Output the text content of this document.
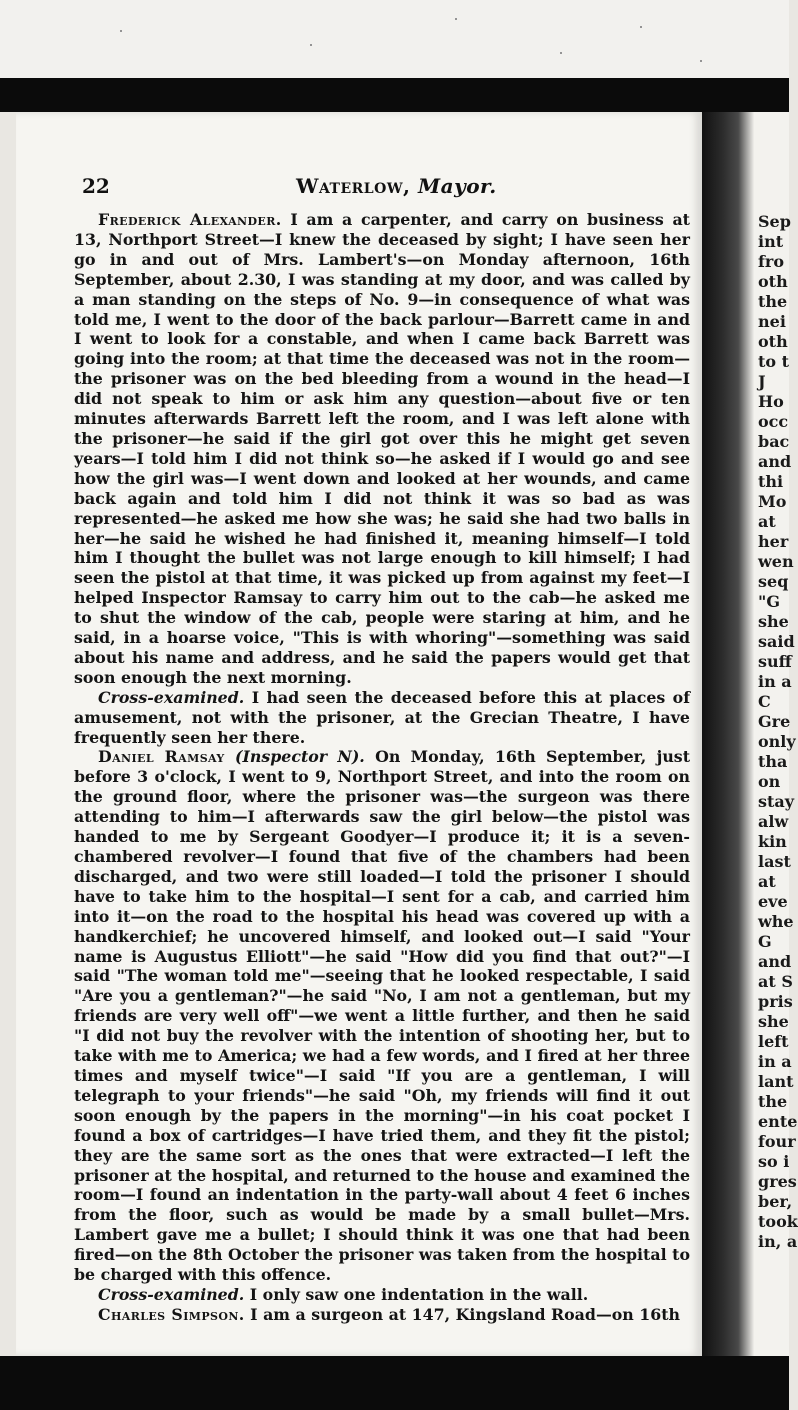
22	Waterlow, Mayor.

Frederick Alexander. I am a carpenter, and carry on business at 13, Northport Street—I knew the deceased by sight; I have seen her go in and out of Mrs. Lambert's—on Monday afternoon, 16th September, about 2.30, I was standing at my door, and was called by a man standing on the steps of No. 9—in consequence of what was told me, I went to the door of the back parlour—Barrett came in and I went to look for a constable, and when I came back Barrett was going into the room; at that time the deceased was not in the room—the prisoner was on the bed bleeding from a wound in the head—I did not speak to him or ask him any question—about five or ten minutes afterwards Barrett left the room, and I was left alone with the prisoner—he said if the girl got over this he might get seven years—I told him I did not think so—he asked if I would go and see how the girl was—I went down and looked at her wounds, and came back again and told him I did not think it was so bad as was represented—he asked me how she was; he said she had two balls in her—he said he wished he had finished it, meaning himself—I told him I thought the bullet was not large enough to kill himself; I had seen the pistol at that time, it was picked up from against my feet—I helped Inspector Ramsay to carry him out to the cab—he asked me to shut the window of the cab, people were staring at him, and he said, in a hoarse voice, "This is with whoring"—something was said about his name and address, and he said the papers would get that soon enough the next morning.

Cross-examined. I had seen the deceased before this at places of amusement, not with the prisoner, at the Grecian Theatre, I have frequently seen her there.

Daniel Ramsay (Inspector N). On Monday, 16th September, just before 3 o'clock, I went to 9, Northport Street, and into the room on the ground floor, where the prisoner was—the surgeon was there attending to him—I afterwards saw the girl below—the pistol was handed to me by Sergeant Goodyer—I produce it; it is a seven-chambered revolver—I found that five of the chambers had been discharged, and two were still loaded—I told the prisoner I should have to take him to the hospital—I sent for a cab, and carried him into it—on the road to the hospital his head was covered up with a handkerchief; he uncovered himself, and looked out—I said "Your name is Augustus Elliott"—he said "How did you find that out?"—I said "The woman told me"—seeing that he looked respectable, I said "Are you a gentleman?"—he said "No, I am not a gentleman, but my friends are very well off"—we went a little further, and then he said "I did not buy the revolver with the intention of shooting her, but to take with me to America; we had a few words, and I fired at her three times and myself twice"—I said "If you are a gentleman, I will telegraph to your friends"—he said "Oh, my friends will find it out soon enough by the papers in the morning"—in his coat pocket I found a box of cartridges—I have tried them, and they fit the pistol; they are the same sort as the ones that were extracted—I left the prisoner at the hospital, and returned to the house and examined the room—I found an indentation in the party-wall about 4 feet 6 inches from the floor, such as would be made by a small bullet—Mrs. Lambert gave me a bullet; I should think it was one that had been fired—on the 8th October the prisoner was taken from the hospital to be charged with this offence.

Cross-examined. I only saw one indentation in the wall.

Charles Simpson. I am a surgeon at 147, Kingsland Road—on 16th

Sep
int
fro
oth
the
nei
oth
to t
J
Ho
occ
bac
and
thi
Mo
at
her
wen
seq
"G
she
said
suff
in a
C
Gre
only
tha
on
stay
alw
kin
last
at
eve
whe
G
and
at S
pris
she
left
in a
lant
the
ente
four
so i
gres
ber,
took
in, a
